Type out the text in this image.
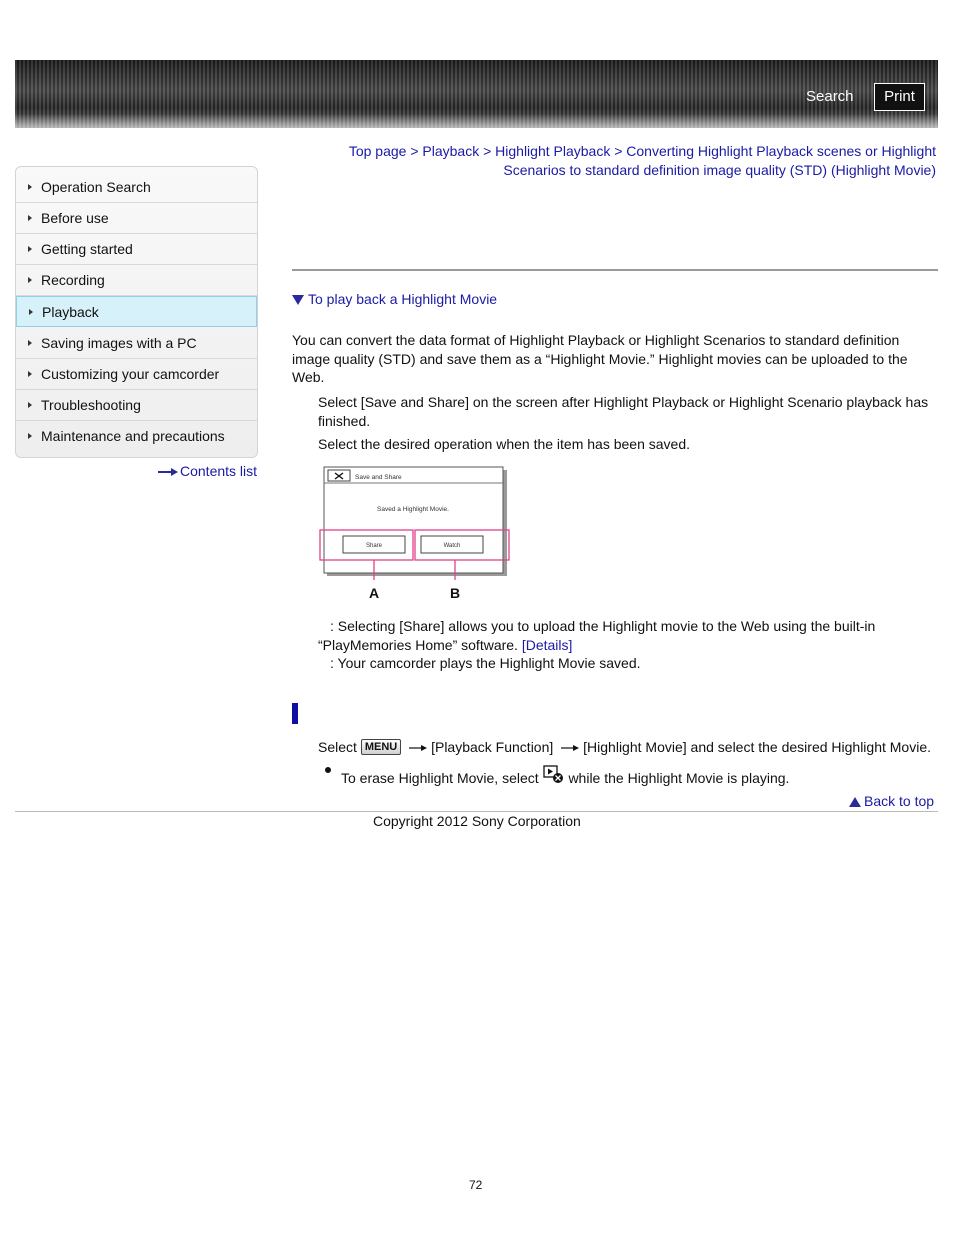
Search	Print
Operation Search
Before use
Getting started
Recording
Playback
Saving images with a PC
Customizing your camcorder
Troubleshooting
Maintenance and precautions
Contents list
Top page > Playback > Highlight Playback > Converting Highlight Playback scenes or Highlight
Scenarios to standard definition image quality (STD) (Highlight Movie)
To play back a Highlight Movie
You can convert the data format of Highlight Playback or Highlight Scenarios to standard definition
image quality (STD) and save them as a “Highlight Movie.” Highlight movies can be uploaded to the
Web.
Select [Save and Share] on the screen after Highlight Playback or Highlight Scenario playback has
finished.
Select the desired operation when the item has been saved.
Save and Share
Saved a Highlight Movie.
Share	Watch
A	B
: Selecting [Share] allows you to upload the Highlight movie to the Web using the built-in
“PlayMemories Home” software. [Details]
: Your camcorder plays the Highlight Movie saved.
Select MENU [Playback Function] [Highlight Movie] and select the desired Highlight Movie.
To erase Highlight Movie, select while the Highlight Movie is playing.
Back to top
Copyright 2012 Sony Corporation
72
